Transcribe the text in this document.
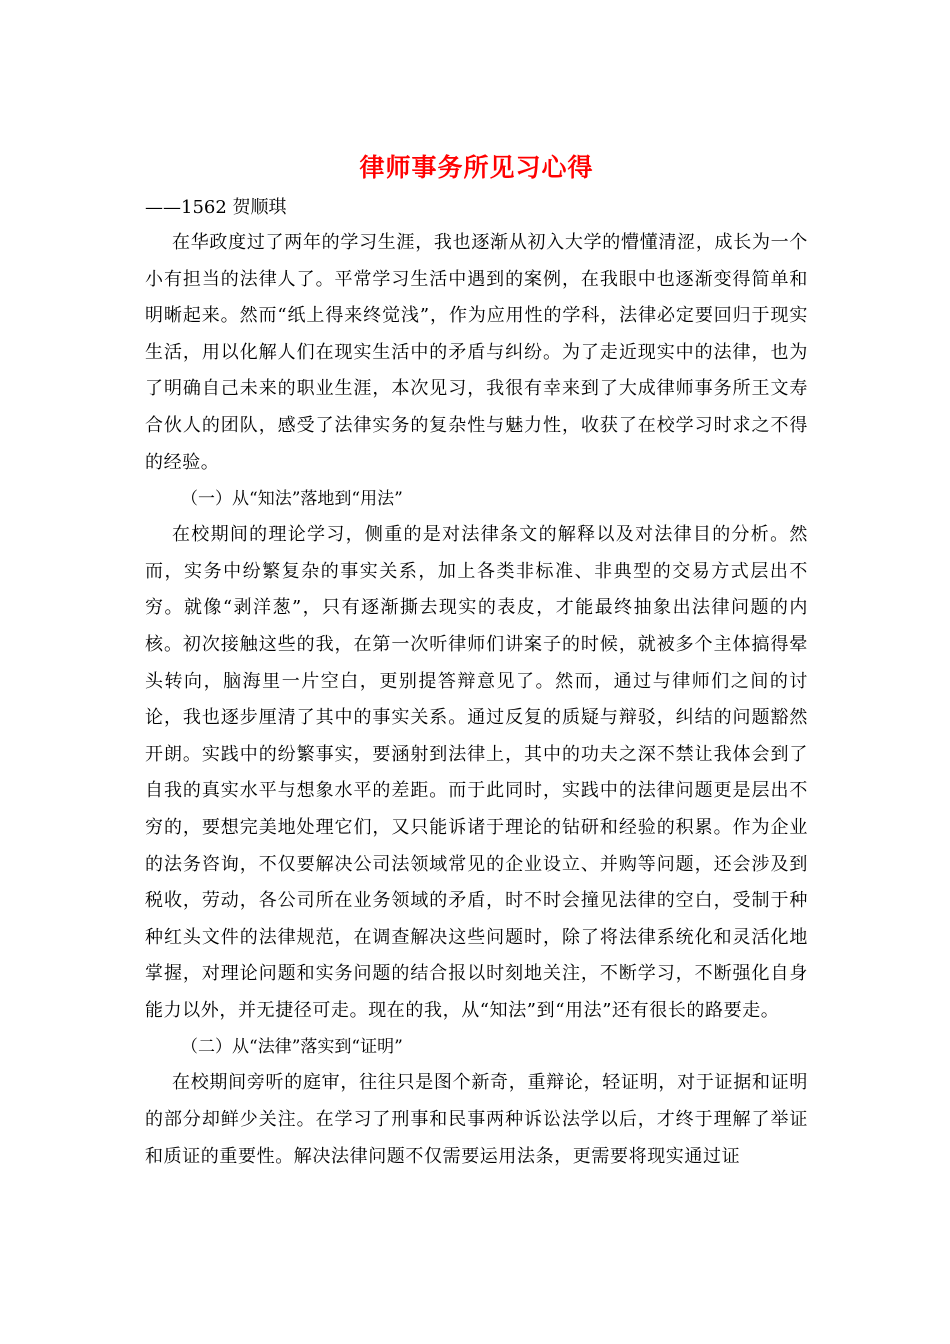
律师事务所见习心得

——1562 贺顺琪

在华政度过了两年的学习生涯，我也逐渐从初入大学的懵懂清涩，成长为一个小有担当的法律人了。平常学习生活中遇到的案例，在我眼中也逐渐变得简单和明晰起来。然而“纸上得来终觉浅”，作为应用性的学科，法律必定要回归于现实生活，用以化解人们在现实生活中的矛盾与纠纷。为了走近现实中的法律，也为了明确自己未来的职业生涯，本次见习，我很有幸来到了大成律师事务所王文寿合伙人的团队，感受了法律实务的复杂性与魅力性，收获了在校学习时求之不得的经验。

（一）从“知法”落地到“用法”

在校期间的理论学习，侧重的是对法律条文的解释以及对法律目的分析。然而，实务中纷繁复杂的事实关系，加上各类非标准、非典型的交易方式层出不穷。就像“剥洋葱”，只有逐渐撕去现实的表皮，才能最终抽象出法律问题的内核。初次接触这些的我，在第一次听律师们讲案子的时候，就被多个主体搞得晕头转向，脑海里一片空白，更别提答辩意见了。然而，通过与律师们之间的讨论，我也逐步厘清了其中的事实关系。通过反复的质疑与辩驳，纠结的问题豁然开朗。实践中的纷繁事实，要涵射到法律上，其中的功夫之深不禁让我体会到了自我的真实水平与想象水平的差距。而于此同时，实践中的法律问题更是层出不穷的，要想完美地处理它们，又只能诉诸于理论的钻研和经验的积累。作为企业的法务咨询，不仅要解决公司法领域常见的企业设立、并购等问题，还会涉及到税收，劳动，各公司所在业务领域的矛盾，时不时会撞见法律的空白，受制于种种红头文件的法律规范，在调查解决这些问题时，除了将法律系统化和灵活化地掌握，对理论问题和实务问题的结合报以时刻地关注，不断学习，不断强化自身能力以外，并无捷径可走。现在的我，从“知法”到“用法”还有很长的路要走。

（二）从“法律”落实到“证明”

在校期间旁听的庭审，往往只是图个新奇，重辩论，轻证明，对于证据和证明的部分却鲜少关注。在学习了刑事和民事两种诉讼法学以后，才终于理解了举证和质证的重要性。解决法律问题不仅需要运用法条，更需要将现实通过证
